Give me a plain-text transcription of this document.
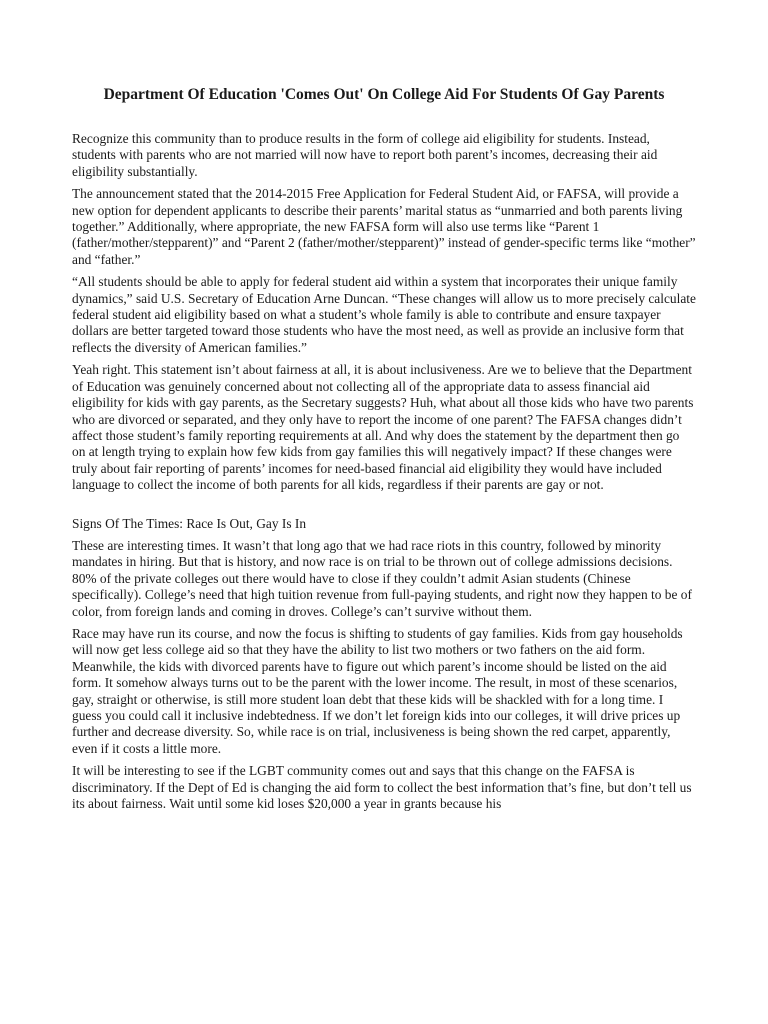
Department Of Education 'Comes Out' On College Aid For Students Of Gay Parents

Recognize this community than to produce results in the form of college aid eligibility for students. Instead, students with parents who are not married will now have to report both parent’s incomes, decreasing their aid eligibility substantially.

The announcement stated that the 2014-2015 Free Application for Federal Student Aid, or FAFSA, will provide a new option for dependent applicants to describe their parents’ marital status as “unmarried and both parents living together.” Additionally, where appropriate, the new FAFSA form will also use terms like “Parent 1 (father/mother/stepparent)” and “Parent 2 (father/mother/stepparent)” instead of gender-specific terms like “mother” and “father.”

“All students should be able to apply for federal student aid within a system that incorporates their unique family dynamics,” said U.S. Secretary of Education Arne Duncan. “These changes will allow us to more precisely calculate federal student aid eligibility based on what a student’s whole family is able to contribute and ensure taxpayer dollars are better targeted toward those students who have the most need, as well as provide an inclusive form that reflects the diversity of American families.”

Yeah right. This statement isn’t about fairness at all, it is about inclusiveness. Are we to believe that the Department of Education was genuinely concerned about not collecting all of the appropriate data to assess financial aid eligibility for kids with gay parents, as the Secretary suggests? Huh, what about all those kids who have two parents who are divorced or separated, and they only have to report the income of one parent? The FAFSA changes didn’t affect those student’s family reporting requirements at all. And why does the statement by the department then go on at length trying to explain how few kids from gay families this will negatively impact? If these changes were truly about fair reporting of parents’ incomes for need-based financial aid eligibility they would have included language to collect the income of both parents for all kids, regardless if their parents are gay or not.

Signs Of The Times: Race Is Out, Gay Is In

These are interesting times. It wasn’t that long ago that we had race riots in this country, followed by minority mandates in hiring. But that is history, and now race is on trial to be thrown out of college admissions decisions. 80% of the private colleges out there would have to close if they couldn’t admit Asian students (Chinese specifically). College’s need that high tuition revenue from full-paying students, and right now they happen to be of color, from foreign lands and coming in droves. College’s can’t survive without them.

Race may have run its course, and now the focus is shifting to students of gay families. Kids from gay households will now get less college aid so that they have the ability to list two mothers or two fathers on the aid form. Meanwhile, the kids with divorced parents have to figure out which parent’s income should be listed on the aid form. It somehow always turns out to be the parent with the lower income. The result, in most of these scenarios, gay, straight or otherwise, is still more student loan debt that these kids will be shackled with for a long time. I guess you could call it inclusive indebtedness. If we don’t let foreign kids into our colleges, it will drive prices up further and decrease diversity. So, while race is on trial, inclusiveness is being shown the red carpet, apparently, even if it costs a little more.

It will be interesting to see if the LGBT community comes out and says that this change on the FAFSA is discriminatory. If the Dept of Ed is changing the aid form to collect the best information that’s fine, but don’t tell us its about fairness. Wait until some kid loses $20,000 a year in grants because his
